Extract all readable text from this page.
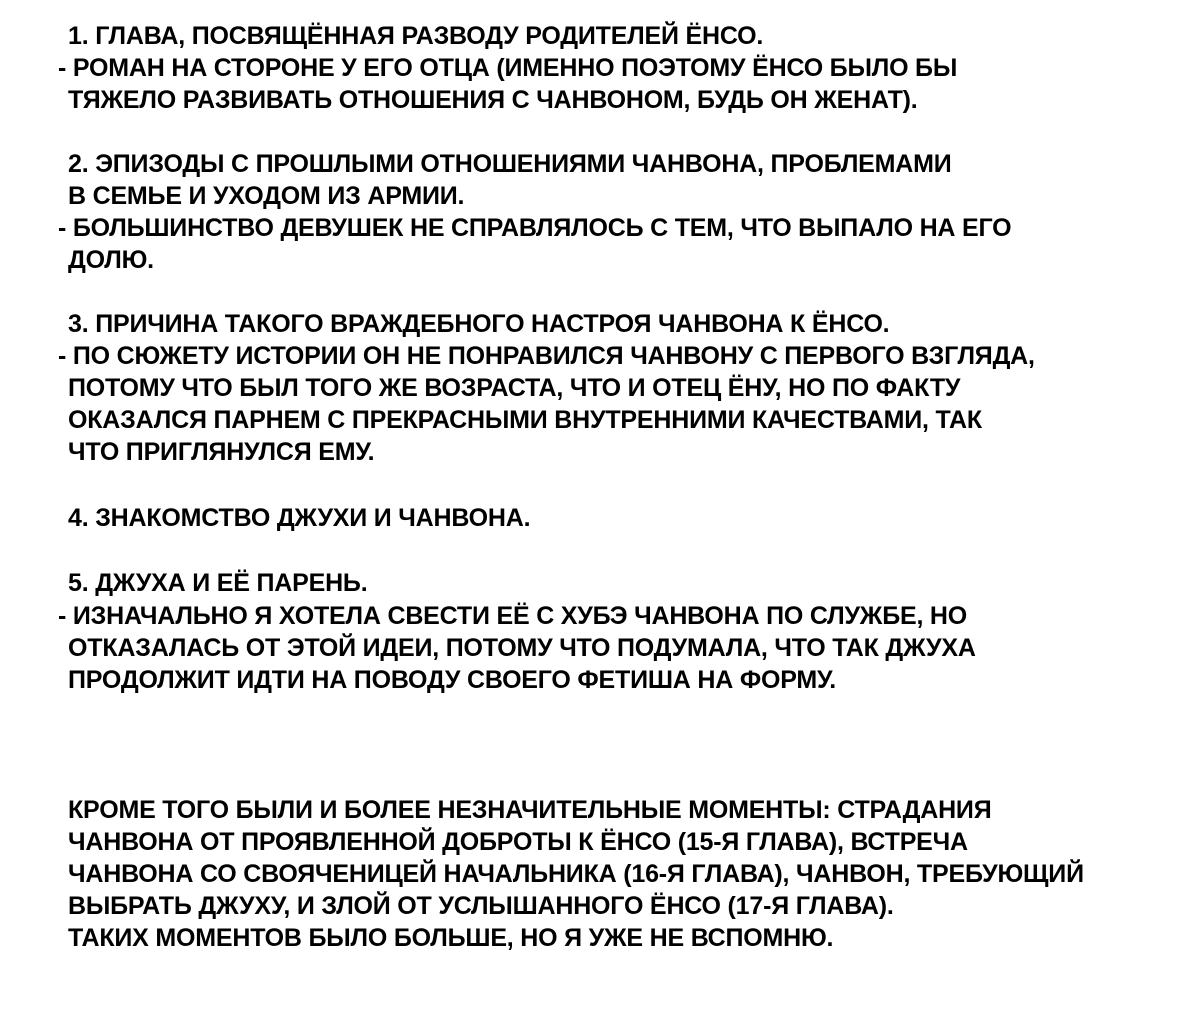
1. ГЛАВА, ПОСВЯЩЁННАЯ РАЗВОДУ РОДИТЕЛЕЙ ЁНСО.

- РОМАН НА СТОРОНЕ У ЕГО ОТЦА (ИМЕННО ПОЭТОМУ ЁНСО БЫЛО БЫ

ТЯЖЕЛО РАЗВИВАТЬ ОТНОШЕНИЯ С ЧАНВОНОМ, БУДЬ ОН ЖЕНАТ).

2. ЭПИЗОДЫ С ПРОШЛЫМИ ОТНОШЕНИЯМИ ЧАНВОНА, ПРОБЛЕМАМИ

В СЕМЬЕ И УХОДОМ ИЗ АРМИИ.

- БОЛЬШИНСТВО ДЕВУШЕК НЕ СПРАВЛЯЛОСЬ С ТЕМ, ЧТО ВЫПАЛО НА ЕГО

ДОЛЮ.

3. ПРИЧИНА ТАКОГО ВРАЖДЕБНОГО НАСТРОЯ ЧАНВОНА К ЁНСО.

- ПО СЮЖЕТУ ИСТОРИИ ОН НЕ ПОНРАВИЛСЯ ЧАНВОНУ С ПЕРВОГО ВЗГЛЯДА,

ПОТОМУ ЧТО БЫЛ ТОГО ЖЕ ВОЗРАСТА, ЧТО И ОТЕЦ ЁНУ, НО ПО ФАКТУ

ОКАЗАЛСЯ ПАРНЕМ С ПРЕКРАСНЫМИ ВНУТРЕННИМИ КАЧЕСТВАМИ, ТАК

ЧТО ПРИГЛЯНУЛСЯ ЕМУ.

4. ЗНАКОМСТВО ДЖУХИ И ЧАНВОНА.

5. ДЖУХА И ЕЁ ПАРЕНЬ.

- ИЗНАЧАЛЬНО Я ХОТЕЛА СВЕСТИ ЕЁ С ХУБЭ ЧАНВОНА ПО СЛУЖБЕ, НО

ОТКАЗАЛАСЬ ОТ ЭТОЙ ИДЕИ, ПОТОМУ ЧТО ПОДУМАЛА, ЧТО ТАК ДЖУХА

ПРОДОЛЖИТ ИДТИ НА ПОВОДУ СВОЕГО ФЕТИША НА ФОРМУ.

КРОМЕ ТОГО БЫЛИ И БОЛЕЕ НЕЗНАЧИТЕЛЬНЫЕ МОМЕНТЫ: СТРАДАНИЯ

ЧАНВОНА ОТ ПРОЯВЛЕННОЙ ДОБРОТЫ К ЁНСО (15-Я ГЛАВА), ВСТРЕЧА

ЧАНВОНА СО СВОЯЧЕНИЦЕЙ НАЧАЛЬНИКА (16-Я ГЛАВА), ЧАНВОН, ТРЕБУЮЩИЙ

ВЫБРАТЬ ДЖУХУ, И ЗЛОЙ ОТ УСЛЫШАННОГО ЁНСО (17-Я ГЛАВА).

ТАКИХ МОМЕНТОВ БЫЛО БОЛЬШЕ, НО Я УЖЕ НЕ ВСПОМНЮ.
